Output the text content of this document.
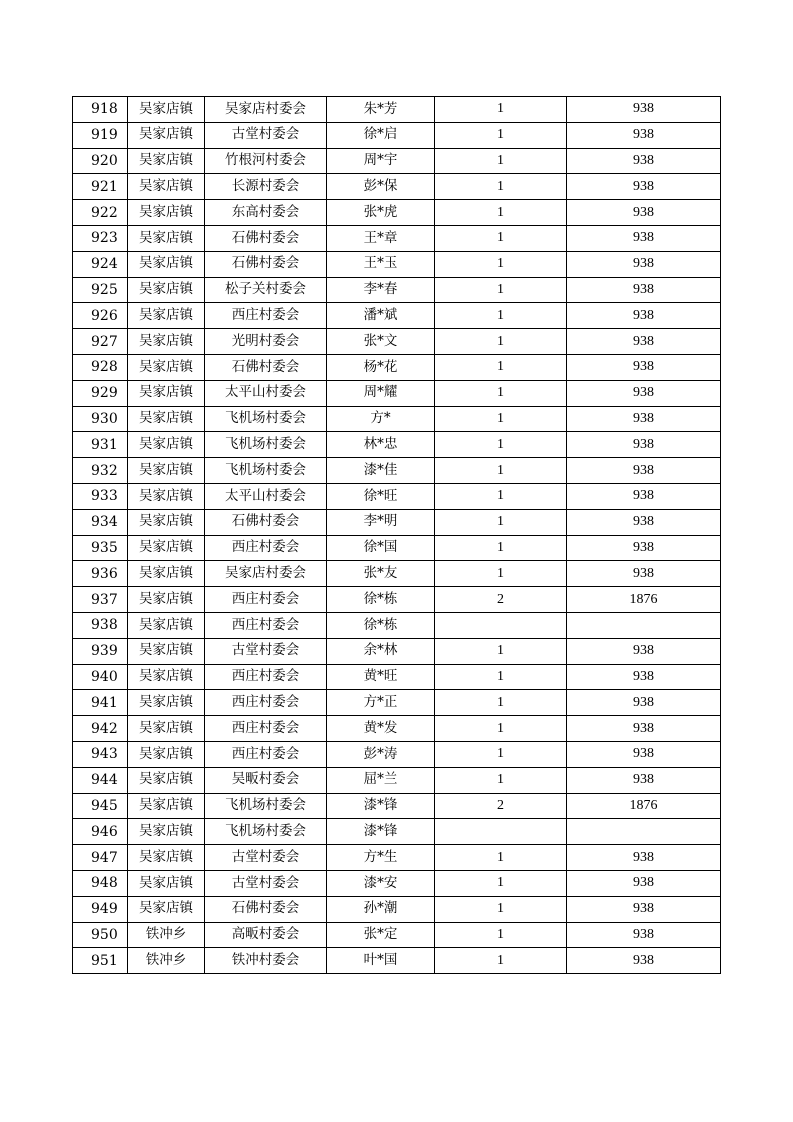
918	吴家店镇	吴家店村委会	朱*芳	1	938
919	吴家店镇	古堂村委会	徐*启	1	938
920	吴家店镇	竹根河村委会	周*宇	1	938
921	吴家店镇	长源村委会	彭*保	1	938
922	吴家店镇	东高村委会	张*虎	1	938
923	吴家店镇	石佛村委会	王*章	1	938
924	吴家店镇	石佛村委会	王*玉	1	938
925	吴家店镇	松子关村委会	李*春	1	938
926	吴家店镇	西庄村委会	潘*斌	1	938
927	吴家店镇	光明村委会	张*文	1	938
928	吴家店镇	石佛村委会	杨*花	1	938
929	吴家店镇	太平山村委会	周*耀	1	938
930	吴家店镇	飞机场村委会	方*	1	938
931	吴家店镇	飞机场村委会	林*忠	1	938
932	吴家店镇	飞机场村委会	漆*佳	1	938
933	吴家店镇	太平山村委会	徐*旺	1	938
934	吴家店镇	石佛村委会	李*明	1	938
935	吴家店镇	西庄村委会	徐*国	1	938
936	吴家店镇	吴家店村委会	张*友	1	938
937	吴家店镇	西庄村委会	徐*栋	2	1876
938	吴家店镇	西庄村委会	徐*栋		
939	吴家店镇	古堂村委会	余*林	1	938
940	吴家店镇	西庄村委会	黄*旺	1	938
941	吴家店镇	西庄村委会	方*正	1	938
942	吴家店镇	西庄村委会	黄*发	1	938
943	吴家店镇	西庄村委会	彭*涛	1	938
944	吴家店镇	吴畈村委会	屈*兰	1	938
945	吴家店镇	飞机场村委会	漆*锋	2	1876
946	吴家店镇	飞机场村委会	漆*锋		
947	吴家店镇	古堂村委会	方*生	1	938
948	吴家店镇	古堂村委会	漆*安	1	938
949	吴家店镇	石佛村委会	孙*潮	1	938
950	铁冲乡	高畈村委会	张*定	1	938
951	铁冲乡	铁冲村委会	叶*国	1	938
